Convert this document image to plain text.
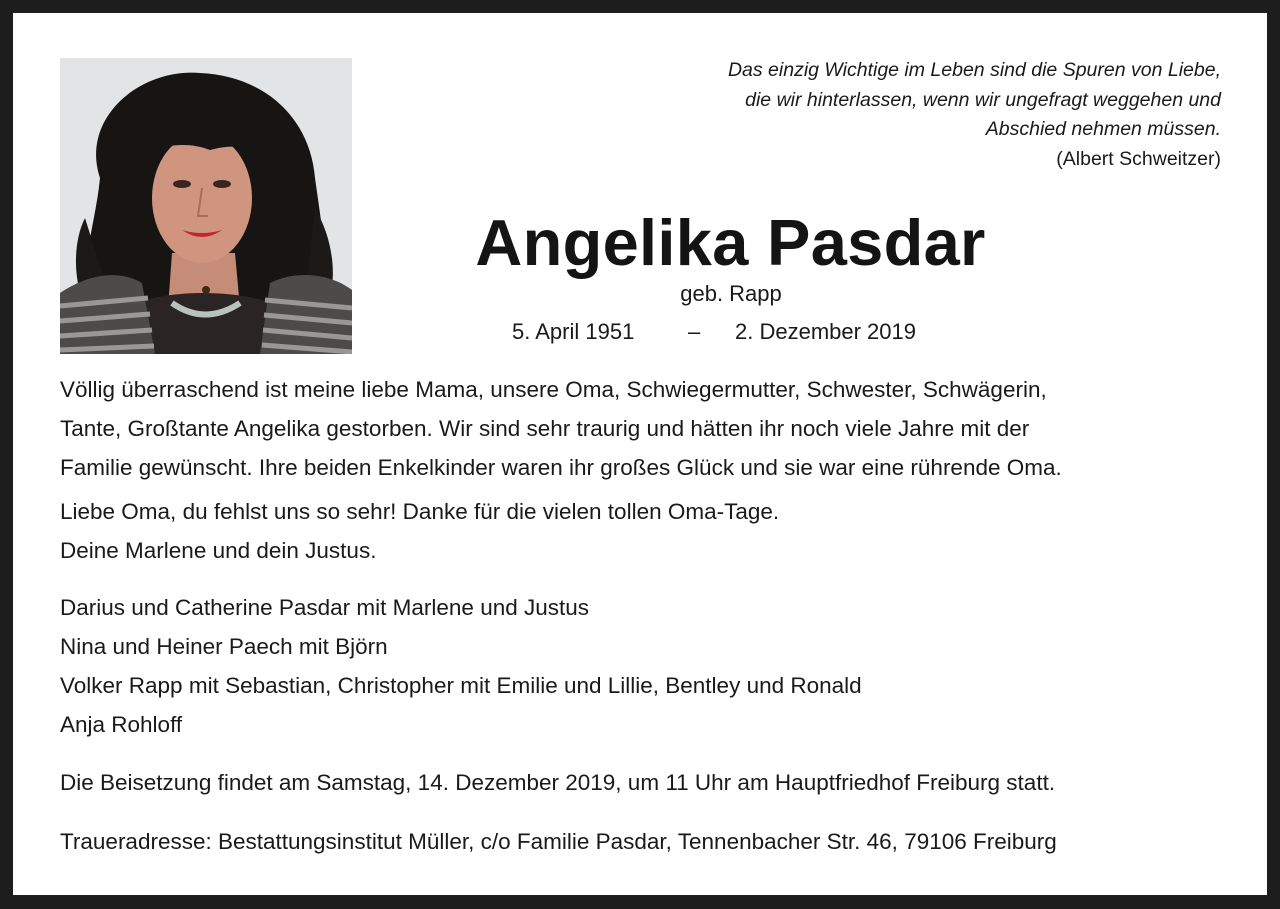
Das einzig Wichtige im Leben sind die Spuren von Liebe,
die wir hinterlassen, wenn wir ungefragt weggehen und
Abschied nehmen müssen.
(Albert Schweitzer)
Angelika Pasdar
geb. Rapp
5. April 1951 – 2. Dezember 2019
Völlig überraschend ist meine liebe Mama, unsere Oma, Schwiegermutter, Schwester, Schwägerin,
Tante, Großtante Angelika gestorben. Wir sind sehr traurig und hätten ihr noch viele Jahre mit der
Familie gewünscht. Ihre beiden Enkelkinder waren ihr großes Glück und sie war eine rührende Oma.
Liebe Oma, du fehlst uns so sehr! Danke für die vielen tollen Oma-Tage.
Deine Marlene und dein Justus.
Darius und Catherine Pasdar mit Marlene und Justus
Nina und Heiner Paech mit Björn
Volker Rapp mit Sebastian, Christopher mit Emilie und Lillie, Bentley und Ronald
Anja Rohloff
Die Beisetzung findet am Samstag, 14. Dezember 2019, um 11 Uhr am Hauptfriedhof Freiburg statt.
Traueradresse: Bestattungsinstitut Müller, c/o Familie Pasdar, Tennenbacher Str. 46, 79106 Freiburg
